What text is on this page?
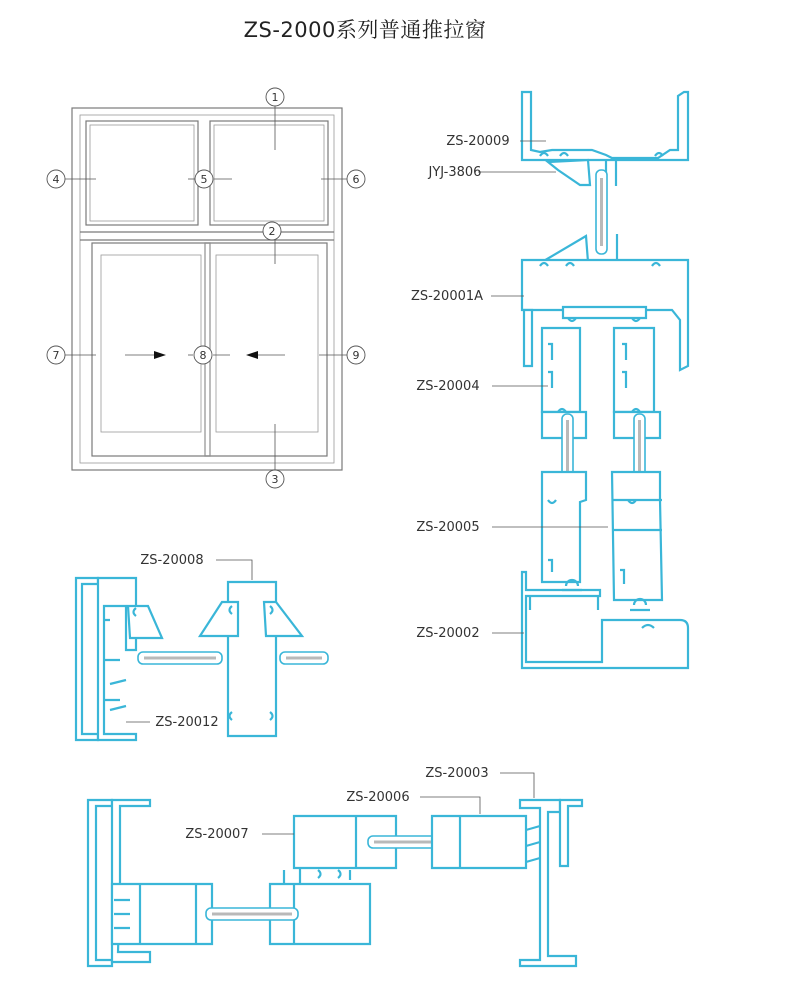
ZS-2000系列普通推拉窗
1
2
3
4	5	6
7	8	9
ZS-20009
JYJ-3806
ZS-20001A
ZS-20004
ZS-20005
ZS-20002
ZS-20008
ZS-20012
ZS-20007
ZS-20006
ZS-20003
